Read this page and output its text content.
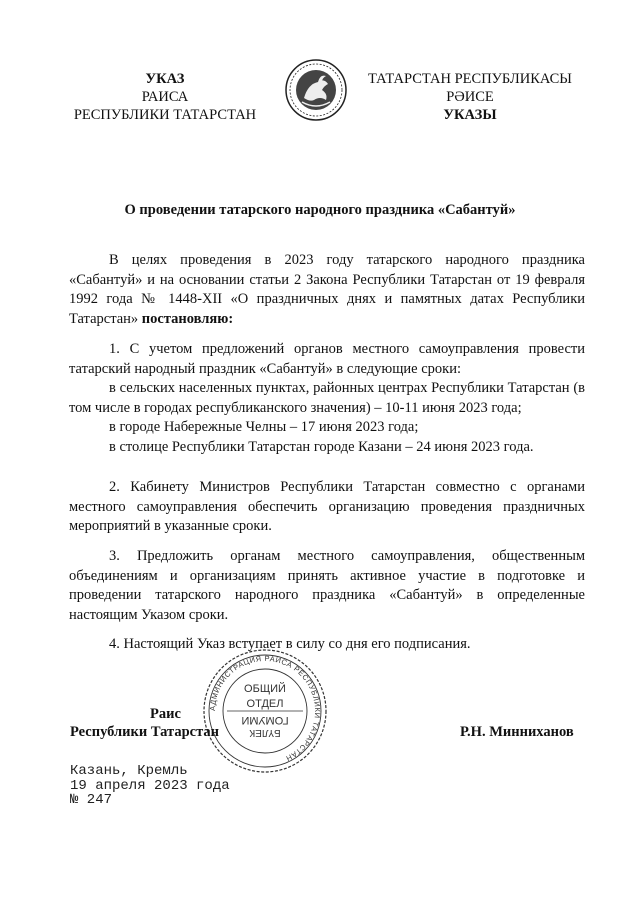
УКАЗ
РАИСА
РЕСПУБЛИКИ ТАТАРСТАН
ТАТАРСТАН РЕСПУБЛИКАСЫ
РӘИСЕ
УКАЗЫ
О проведении татарского народного праздника «Сабантуй»

В целях проведения в 2023 году татарского народного праздника «Сабантуй» и на основании статьи 2 Закона Республики Татарстан от 19 февраля 1992 года № 1448-XII «О праздничных днях и памятных датах Республики Татарстан» постановляю:

1. С учетом предложений органов местного самоуправления провести татарский народный праздник «Сабантуй» в следующие сроки:

в сельских населенных пунктах, районных центрах Республики Татарстан (в том числе в городах республиканского значения) – 10-11 июня 2023 года;

в городе Набережные Челны – 17 июня 2023 года;

в столице Республики Татарстан городе Казани – 24 июня 2023 года.

2. Кабинету Министров Республики Татарстан совместно с органами местного самоуправления обеспечить организацию проведения праздничных мероприятий в указанные сроки.

3. Предложить органам местного самоуправления, общественным объединениям и организациям принять активное участие в подготовке и проведении татарского народного праздника «Сабантуй» в определенные настоящим Указом сроки.

4. Настоящий Указ вступает в силу со дня его подписания.

АДМИНИСТРАЦИЯ РАИСА РЕСПУБЛИКИ ТАТАРСТАН
ОБЩИЙ
ОТДЕЛ
БҮЛЕК
ГОМУМИ
Раис
Республики Татарстан	Р.Н. Минниханов
Казань, Кремль
19 апреля 2023 года
№ 247
